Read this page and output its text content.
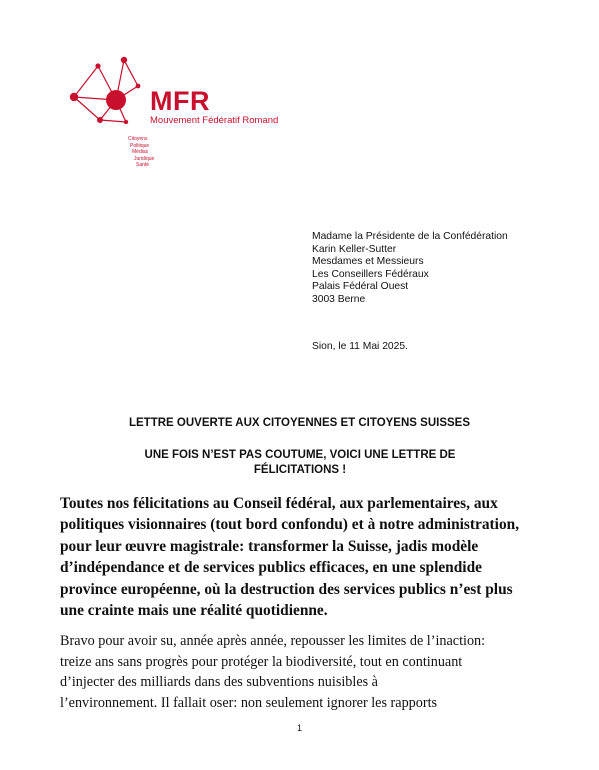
MFR
Mouvement Fédératif Romand
Citoyens
Politique
Médias
Juridique
Santé
Madame la Présidente de la Confédération
Karin Keller-Sutter
Mesdames et Messieurs
Les Conseillers Fédéraux
Palais Fédéral Ouest
3003 Berne
Sion, le 11 Mai 2025.
LETTRE OUVERTE AUX CITOYENNES ET CITOYENS SUISSES
UNE FOIS N’EST PAS COUTUME, VOICI UNE LETTRE DE
FÉLICITATIONS !
Toutes nos félicitations au Conseil fédéral, aux parlementaires, aux
politiques visionnaires (tout bord confondu) et à notre administration,
pour leur œuvre magistrale: transformer la Suisse, jadis modèle
d’indépendance et de services publics efficaces, en une splendide
province européenne, où la destruction des services publics n’est plus
une crainte mais une réalité quotidienne.
Bravo pour avoir su, année après année, repousser les limites de l’inaction:
treize ans sans progrès pour protéger la biodiversité, tout en continuant
d’injecter des milliards dans des subventions nuisibles à
l’environnement. Il fallait oser: non seulement ignorer les rapports
1
